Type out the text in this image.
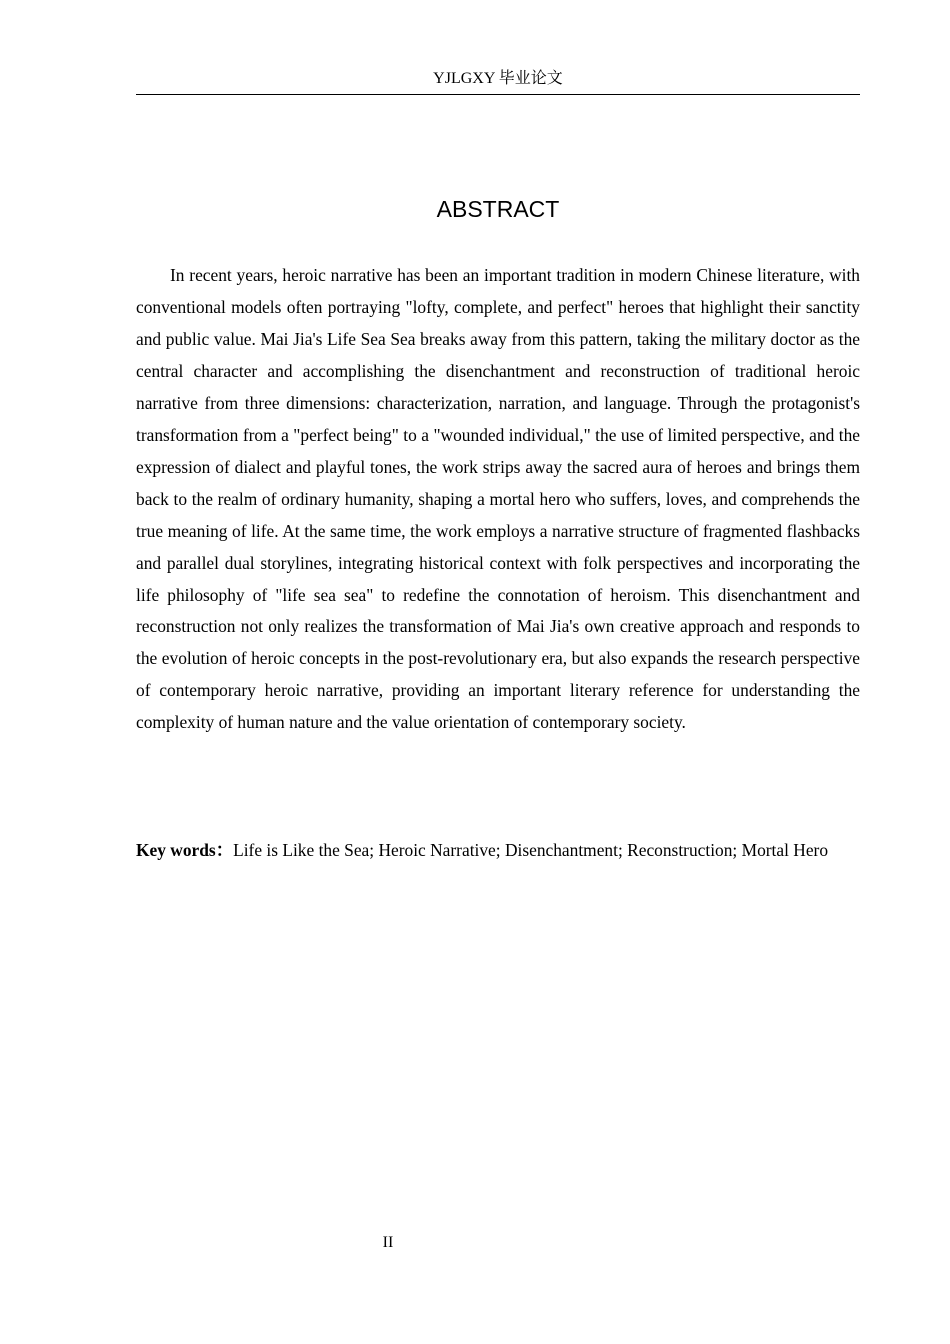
YJLGXY 毕业论文
ABSTRACT

In recent years, heroic narrative has been an important tradition in modern Chinese literature, with conventional models often portraying "lofty, complete, and perfect" heroes that highlight their sanctity and public value. Mai Jia's Life Sea Sea breaks away from this pattern, taking the military doctor as the central character and accomplishing the disenchantment and reconstruction of traditional heroic narrative from three dimensions: characterization, narration, and language. Through the protagonist's transformation from a "perfect being" to a "wounded individual," the use of limited perspective, and the expression of dialect and playful tones, the work strips away the sacred aura of heroes and brings them back to the realm of ordinary humanity, shaping a mortal hero who suffers, loves, and comprehends the true meaning of life. At the same time, the work employs a narrative structure of fragmented flashbacks and parallel dual storylines, integrating historical context with folk perspectives and incorporating the life philosophy of "life sea sea" to redefine the connotation of heroism. This disenchantment and reconstruction not only realizes the transformation of Mai Jia's own creative approach and responds to the evolution of heroic concepts in the post-revolutionary era, but also expands the research perspective of contemporary heroic narrative, providing an important literary reference for understanding the complexity of human nature and the value orientation of contemporary society.

Key words：Life is Like the Sea; Heroic Narrative; Disenchantment; Reconstruction; Mortal Hero

II
